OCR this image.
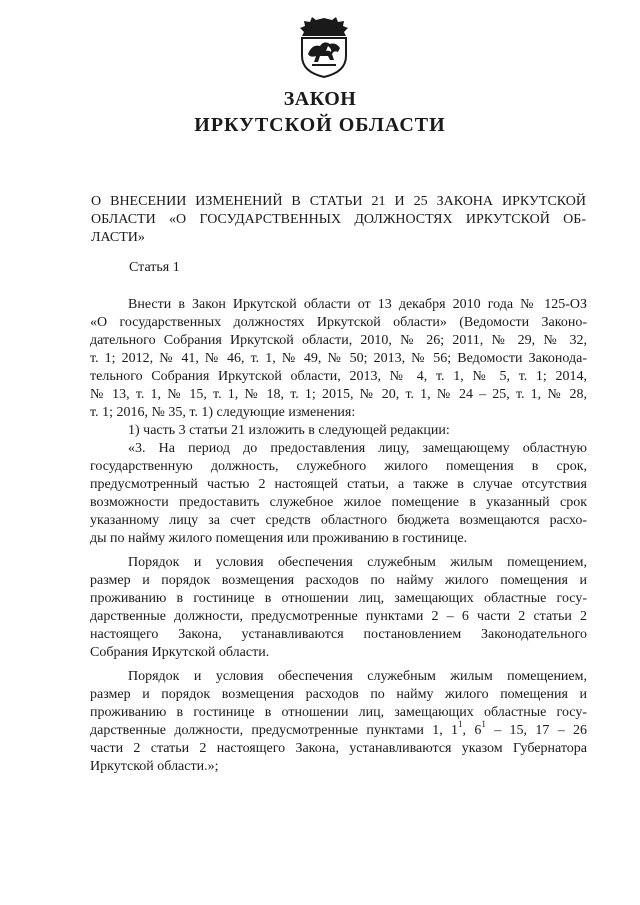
ЗАКОН
ИРКУТСКОЙ ОБЛАСТИ
О ВНЕСЕНИИ ИЗМЕНЕНИЙ В СТАТЬИ 21 И 25 ЗАКОНА ИРКУТСКОЙ
ОБЛАСТИ «О ГОСУДАРСТВЕННЫХ ДОЛЖНОСТЯХ ИРКУТСКОЙ ОБ-
ЛАСТИ»
Статья 1
Внести в Закон Иркутской области от 13 декабря 2010 года № 125-ОЗ
«О государственных должностях Иркутской области» (Ведомости Законо-
дательного Собрания Иркутской области, 2010, № 26; 2011, № 29, № 32,
т. 1; 2012, № 41, № 46, т. 1, № 49, № 50; 2013, № 56; Ведомости Законода-
тельного Собрания Иркутской области, 2013, № 4, т. 1, № 5, т. 1; 2014,
№ 13, т. 1, № 15, т. 1, № 18, т. 1; 2015, № 20, т. 1, № 24 – 25, т. 1, № 28,
т. 1; 2016, № 35, т. 1) следующие изменения:
1) часть 3 статьи 21 изложить в следующей редакции:
«3. На период до предоставления лицу, замещающему областную
государственную должность, служебного жилого помещения в срок,
предусмотренный частью 2 настоящей статьи, а также в случае отсутствия
возможности предоставить служебное жилое помещение в указанный срок
указанному лицу за счет средств областного бюджета возмещаются расхо-
ды по найму жилого помещения или проживанию в гостинице.
Порядок и условия обеспечения служебным жилым помещением,
размер и порядок возмещения расходов по найму жилого помещения и
проживанию в гостинице в отношении лиц, замещающих областные госу-
дарственные должности, предусмотренные пунктами 2 – 6 части 2 статьи 2
настоящего Закона, устанавливаются постановлением Законодательного
Собрания Иркутской области.
Порядок и условия обеспечения служебным жилым помещением,
размер и порядок возмещения расходов по найму жилого помещения и
проживанию в гостинице в отношении лиц, замещающих областные госу-
дарственные должности, предусмотренные пунктами 1, $1^1$, $6^1 - 15$, 17 – 26
части 2 статьи 2 настоящего Закона, устанавливаются указом Губернатора
Иркутской области.»;
